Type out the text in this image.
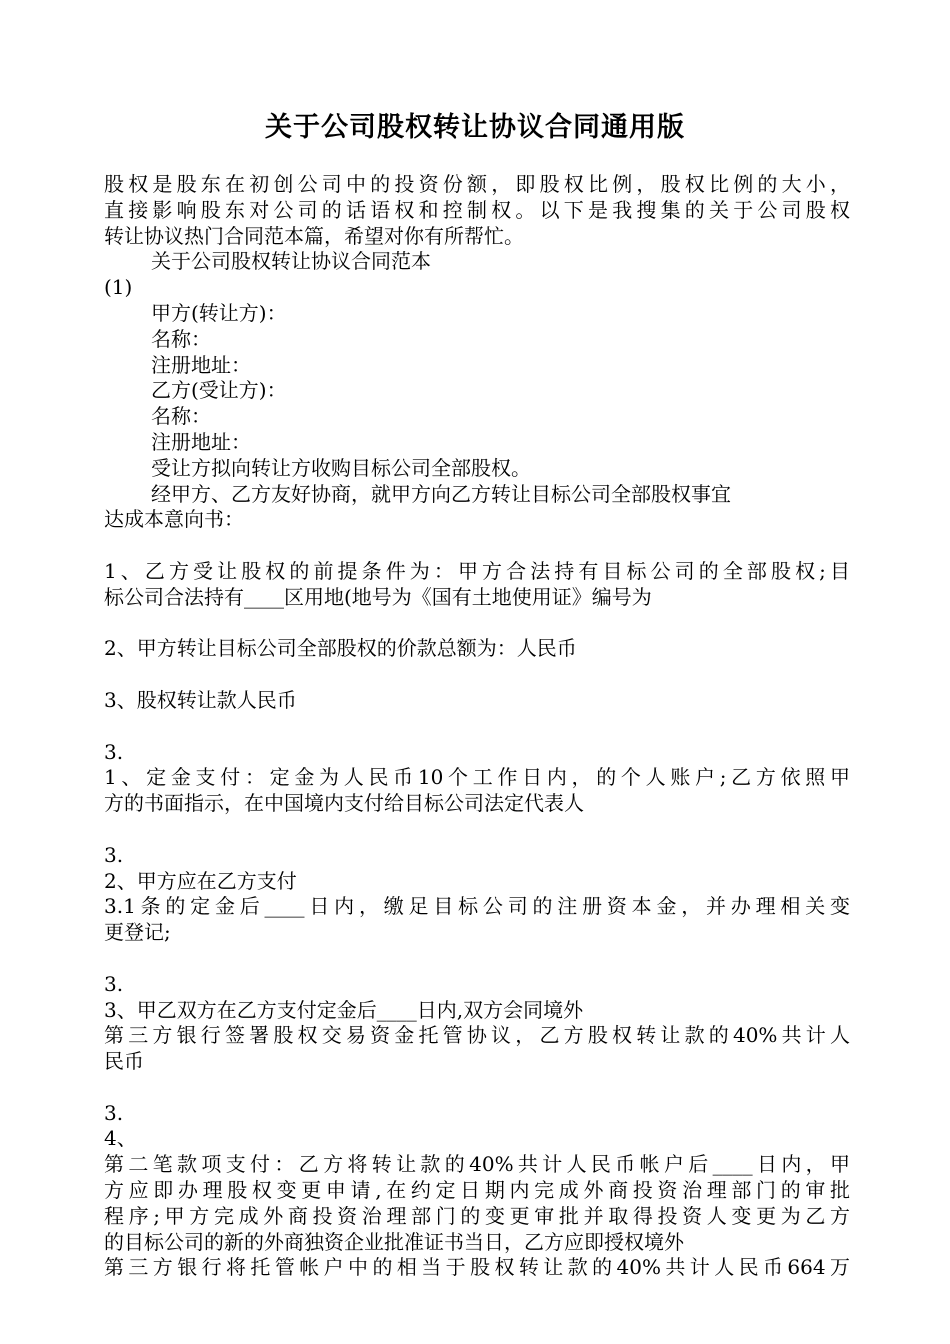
关于公司股权转让协议合同通用版

股权是股东在初创公司中的投资份额，即股权比例，股权比例的大小，

直接影响股东对公司的话语权和控制权。以下是我搜集的关于公司股权

转让协议热门合同范本篇，希望对你有所帮忙。

关于公司股权转让协议合同范本

(1)

甲方(转让方)：

名称：

注册地址：

乙方(受让方)：

名称：

注册地址：

受让方拟向转让方收购目标公司全部股权。

经甲方、乙方友好协商，就甲方向乙方转让目标公司全部股权事宜

达成本意向书：

1、乙方受让股权的前提条件为：甲方合法持有目标公司的全部股权;目

标公司合法持有____区用地(地号为《国有土地使用证》编号为

2、甲方转让目标公司全部股权的价款总额为：人民币

3、股权转让款人民币

3.

1、定金支付：定金为人民币10个工作日内，的个人账户;乙方依照甲

方的书面指示，在中国境内支付给目标公司法定代表人

3.

2、甲方应在乙方支付

3.1条的定金后____日内，缴足目标公司的注册资本金，并办理相关变

更登记;

3.

3、甲乙双方在乙方支付定金后____日内,双方会同境外

第三方银行签署股权交易资金托管协议，乙方股权转让款的40%共计人

民币

3.

4、

第二笔款项支付：乙方将转让款的40%共计人民币帐户后____日内，甲

方应即办理股权变更申请,在约定日期内完成外商投资治理部门的审批

程序;甲方完成外商投资治理部门的变更审批并取得投资人变更为乙方

的目标公司的新的外商独资企业批准证书当日，乙方应即授权境外

第三方银行将托管帐户中的相当于股权转让款的40%共计人民币664万
